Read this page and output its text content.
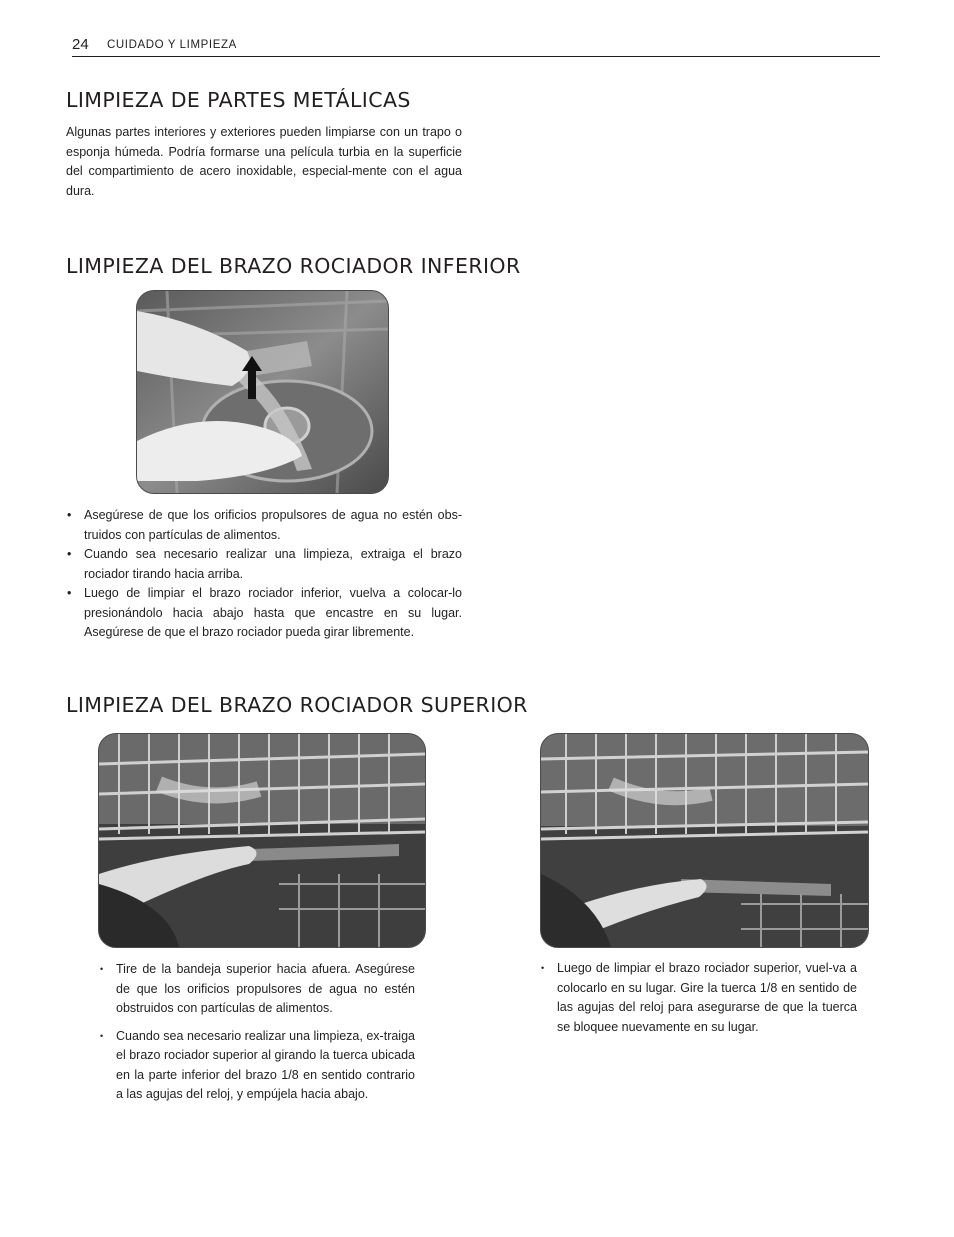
24 CUIDADO Y LIMPIEZA
LIMPIEZA DE PARTES METÁLICAS

Algunas partes interiores y exteriores pueden limpiarse con un trapo o esponja húmeda. Podría formarse una película turbia en la superficie del compartimiento de acero inoxidable, especial-mente con el agua dura.

LIMPIEZA DEL BRAZO ROCIADOR INFERIOR
• Asegúrese de que los orificios propulsores de agua no estén obs-truidos con partículas de alimentos.
• Cuando sea necesario realizar una limpieza, extraiga el brazo rociador tirando hacia arriba.
• Luego de limpiar el brazo rociador inferior, vuelva a colocar-lo presionándolo hacia abajo hasta que encastre en su lugar. Asegúrese de que el brazo rociador pueda girar libremente.
LIMPIEZA DEL BRAZO ROCIADOR SUPERIOR
• Tire de la bandeja superior hacia afuera. Asegúrese de que los orificios propulsores de agua no estén obstruidos con partículas de alimentos.
• Cuando sea necesario realizar una limpieza, ex-traiga el brazo rociador superior al girando la tuerca ubicada en la parte inferior del brazo 1/8 en sentido contrario a las agujas del reloj, y empújela hacia abajo.
• Luego de limpiar el brazo rociador superior, vuel-va a colocarlo en su lugar. Gire la tuerca 1/8 en sentido de las agujas del reloj para asegurarse de que la tuerca se bloquee nuevamente en su lugar.
